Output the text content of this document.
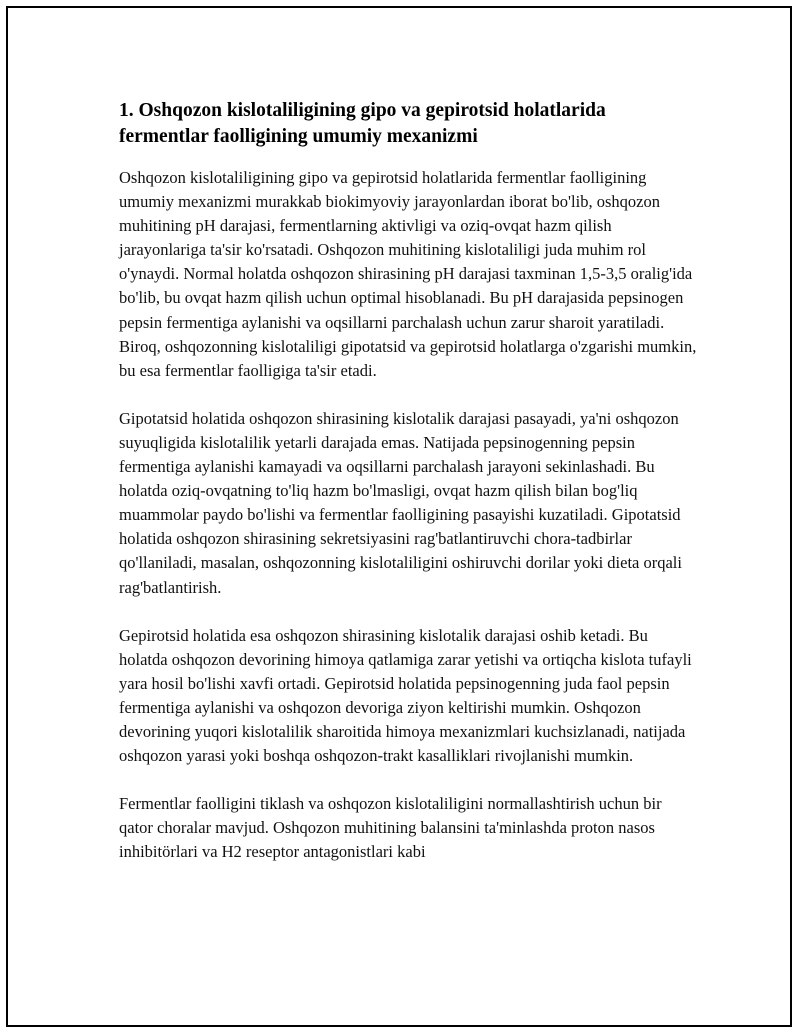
1. Oshqozon kislotaliligining gipo va gepirotsid holatlarida fermentlar faolligining umumiy mexanizmi

Oshqozon kislotaliligining gipo va gepirotsid holatlarida fermentlar faolligining umumiy mexanizmi murakkab biokimyoviy jarayonlardan iborat bo'lib, oshqozon muhitining pH darajasi, fermentlarning aktivligi va oziq-ovqat hazm qilish jarayonlariga ta'sir ko'rsatadi. Oshqozon muhitining kislotaliligi juda muhim rol o'ynaydi. Normal holatda oshqozon shirasining pH darajasi taxminan 1,5-3,5 oralig'ida bo'lib, bu ovqat hazm qilish uchun optimal hisoblanadi. Bu pH darajasida pepsinogen pepsin fermentiga aylanishi va oqsillarni parchalash uchun zarur sharoit yaratiladi. Biroq, oshqozonning kislotaliligi gipotatsid va gepirotsid holatlarga o'zgarishi mumkin, bu esa fermentlar faolligiga ta'sir etadi.

Gipotatsid holatida oshqozon shirasining kislotalik darajasi pasayadi, ya'ni oshqozon suyuqligida kislotalilik yetarli darajada emas. Natijada pepsinogenning pepsin fermentiga aylanishi kamayadi va oqsillarni parchalash jarayoni sekinlashadi. Bu holatda oziq-ovqatning to'liq hazm bo'lmasligi, ovqat hazm qilish bilan bog'liq muammolar paydo bo'lishi va fermentlar faolligining pasayishi kuzatiladi. Gipotatsid holatida oshqozon shirasining sekretsiyasini rag'batlantiruvchi chora-tadbirlar qo'llaniladi, masalan, oshqozonning kislotaliligini oshiruvchi dorilar yoki dieta orqali rag'batlantirish.

Gepirotsid holatida esa oshqozon shirasining kislotalik darajasi oshib ketadi. Bu holatda oshqozon devorining himoya qatlamiga zarar yetishi va ortiqcha kislota tufayli yara hosil bo'lishi xavfi ortadi. Gepirotsid holatida pepsinogenning juda faol pepsin fermentiga aylanishi va oshqozon devoriga ziyon keltirishi mumkin. Oshqozon devorining yuqori kislotalilik sharoitida himoya mexanizmlari kuchsizlanadi, natijada oshqozon yarasi yoki boshqa oshqozon-trakt kasalliklari rivojlanishi mumkin.

Fermentlar faolligini tiklash va oshqozon kislotaliligini normallashtirish uchun bir qator choralar mavjud. Oshqozon muhitining balansini ta'minlashda proton nasos inhibitörlari va H2 reseptor antagonistlari kabi
